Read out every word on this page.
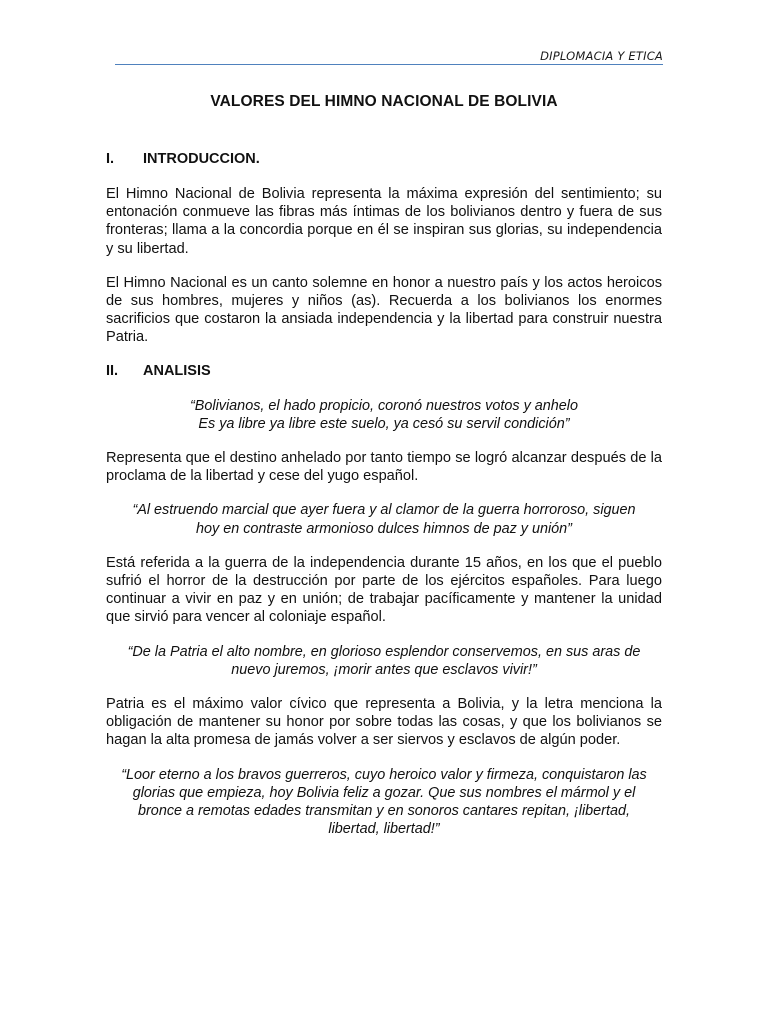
DIPLOMACIA Y ETICA
VALORES DEL HIMNO NACIONAL DE BOLIVIA
I.	INTRODUCCION.

El Himno Nacional de Bolivia representa la máxima expresión del sentimiento; su entonación conmueve las fibras más íntimas de los bolivianos dentro y fuera de sus fronteras; llama a la concordia porque en él se inspiran sus glorias, su independencia y su libertad.

El Himno Nacional es un canto solemne en honor a nuestro país y los actos heroicos de sus hombres, mujeres y niños (as). Recuerda a los bolivianos los enormes sacrificios que costaron la ansiada independencia y la libertad para construir nuestra Patria.

II.	ANALISIS

“Bolivianos, el hado propicio, coronó nuestros votos y anhelo
Es ya libre ya libre este suelo, ya cesó su servil condición”

Representa que el destino anhelado por tanto tiempo se logró alcanzar después de la proclama de la libertad y cese del yugo español.

“Al estruendo marcial que ayer fuera y al clamor de la guerra horroroso, siguen
hoy en contraste armonioso dulces himnos de paz y unión”

Está referida a la guerra de la independencia durante 15 años, en los que el pueblo sufrió el horror de la destrucción por parte de los ejércitos españoles. Para luego continuar a vivir en paz y en unión; de trabajar pacíficamente y mantener la unidad que sirvió para vencer al coloniaje español.

“De la Patria el alto nombre, en glorioso esplendor conservemos, en sus aras de
nuevo juremos, ¡morir antes que esclavos vivir!”

Patria es el máximo valor cívico que representa a Bolivia, y la letra menciona la obligación de mantener su honor por sobre todas las cosas, y que los bolivianos se hagan la alta promesa de jamás volver a ser siervos y esclavos de algún poder.

“Loor eterno a los bravos guerreros, cuyo heroico valor y firmeza, conquistaron las
glorias que empieza, hoy Bolivia feliz a gozar. Que sus nombres el mármol y el
bronce a remotas edades transmitan y en sonoros cantares repitan, ¡libertad,
libertad, libertad!”
